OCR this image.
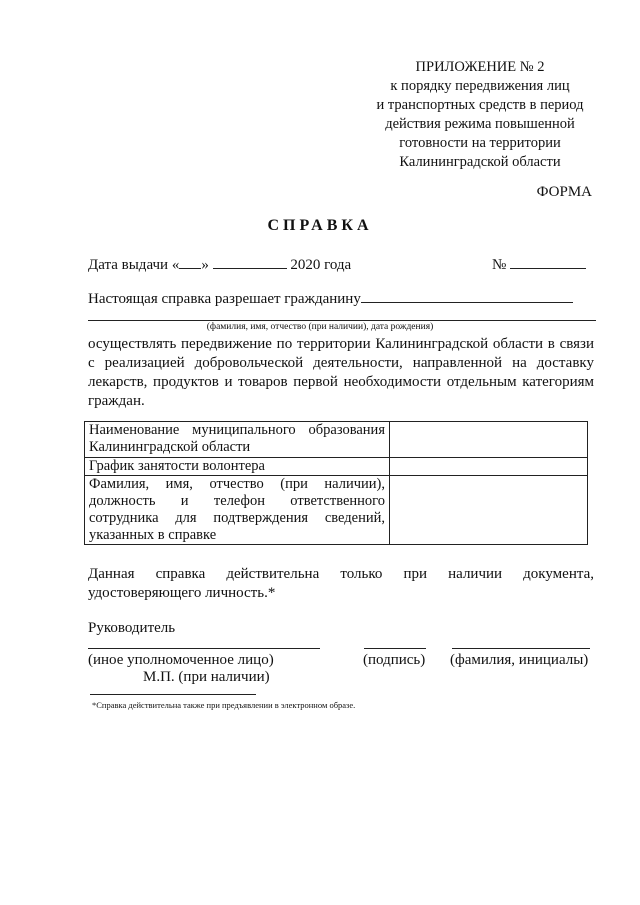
ПРИЛОЖЕНИЕ № 2
к порядку передвижения лиц
и транспортных средств в период
действия режима повышенной
готовности на территории
Калининградской области
ФОРМА
СПРАВКА
Дата выдачи « »	2020 года	№
Настоящая справка разрешает гражданину
(фамилия, имя, отчество (при наличии), дата рождения)
осуществлять передвижение по территории Калининградской области в связи с реализацией добровольческой деятельности, направленной на доставку лекарств, продуктов и товаров первой необходимости отдельным категориям граждан.
Наименование муниципального образования Калининградской области	
График занятости волонтера	
Фамилия, имя, отчество (при наличии), должность и телефон ответственного сотрудника для подтверждения сведений, указанных в справке	
Данная справка действительна только при наличии документа, удостоверяющего личность.*
Руководитель
(иное уполномоченное лицо)	(подпись) (фамилия, инициалы)
М.П. (при наличии)
*Справка действительна также при предъявлении в электронном образе.
